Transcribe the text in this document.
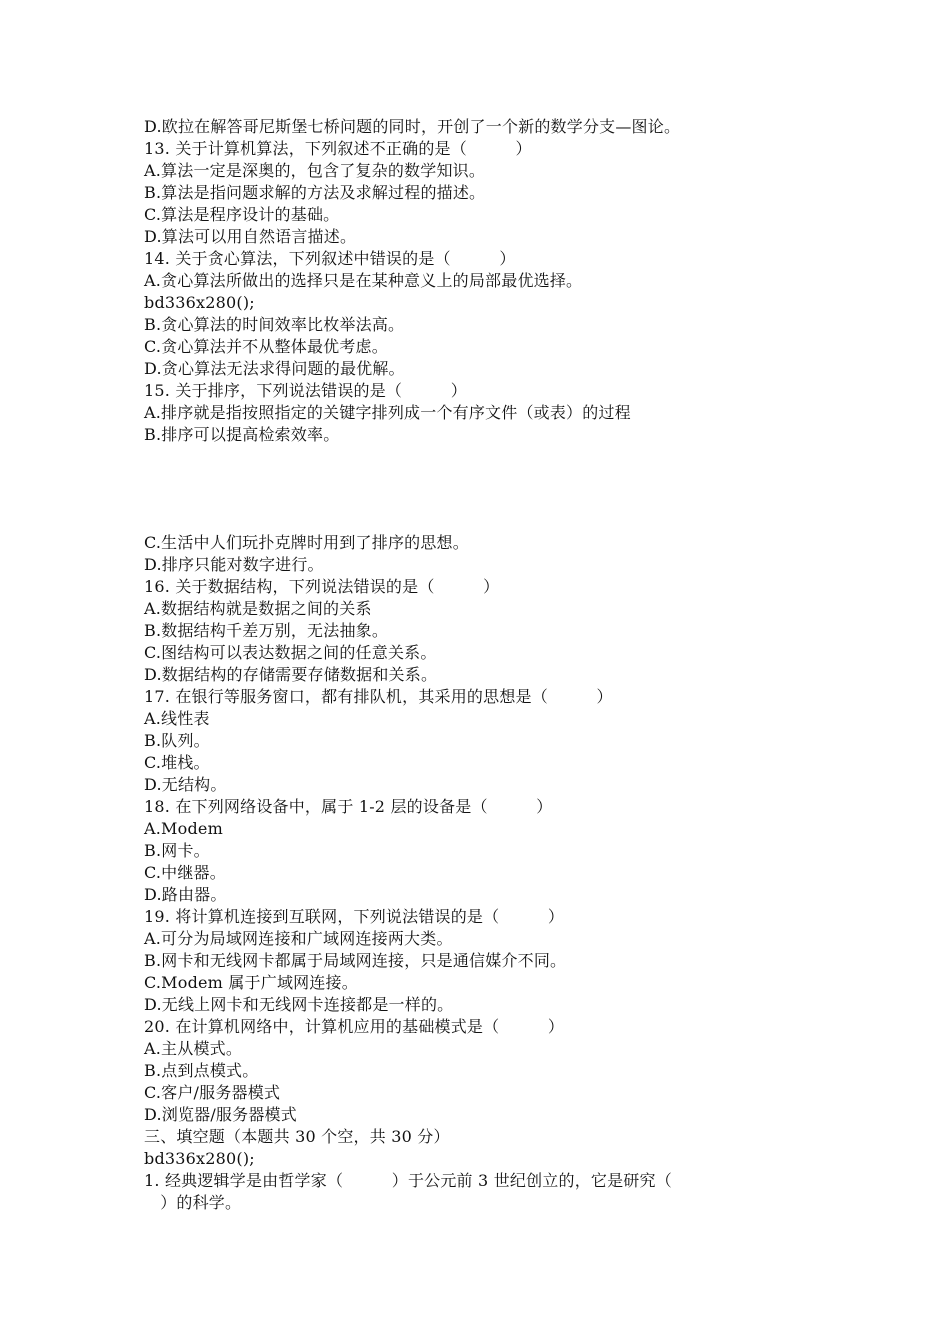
D.欧拉在解答哥尼斯堡七桥问题的同时，开创了一个新的数学分支—图论。
13. 关于计算机算法，下列叙述不正确的是（　　　）
A.算法一定是深奥的，包含了复杂的数学知识。
B.算法是指问题求解的方法及求解过程的描述。
C.算法是程序设计的基础。
D.算法可以用自然语言描述。
14. 关于贪心算法，下列叙述中错误的是（　　　）
A.贪心算法所做出的选择只是在某种意义上的局部最优选择。
bd336x280();
B.贪心算法的时间效率比枚举法高。
C.贪心算法并不从整体最优考虑。
D.贪心算法无法求得问题的最优解。
15. 关于排序，下列说法错误的是（　　　）
A.排序就是指按照指定的关键字排列成一个有序文件（或表）的过程
B.排序可以提高检索效率。
C.生活中人们玩扑克牌时用到了排序的思想。
D.排序只能对数字进行。
16. 关于数据结构，下列说法错误的是（　　　）
A.数据结构就是数据之间的关系
B.数据结构千差万别，无法抽象。
C.图结构可以表达数据之间的任意关系。
D.数据结构的存储需要存储数据和关系。
17. 在银行等服务窗口，都有排队机，其采用的思想是（　　　）
A.线性表
B.队列。
C.堆栈。
D.无结构。
18. 在下列网络设备中，属于 1-2 层的设备是（　　　）
A.Modem
B.网卡。
C.中继器。
D.路由器。
19. 将计算机连接到互联网，下列说法错误的是（　　　）
A.可分为局域网连接和广域网连接两大类。
B.网卡和无线网卡都属于局域网连接，只是通信媒介不同。
C.Modem 属于广域网连接。
D.无线上网卡和无线网卡连接都是一样的。
20. 在计算机网络中，计算机应用的基础模式是（　　　）
A.主从模式。
B.点到点模式。
C.客户/服务器模式
D.浏览器/服务器模式
三、填空题（本题共 30 个空，共 30 分）
bd336x280();
1. 经典逻辑学是由哲学家（　　　）于公元前 3 世纪创立的，它是研究（
　）的科学。
